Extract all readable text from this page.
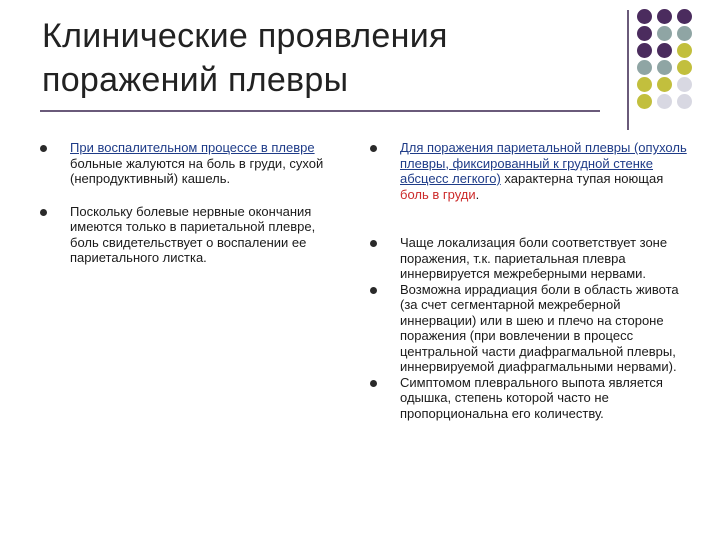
Клинические проявления
поражений плевры
При воспалительном процессе в плевре больные жалуются на боль в груди, сухой (непродуктивный) кашель.
Поскольку болевые нервные окончания имеются только в париетальной плевре, боль свидетельствует о воспалении ее париетального листка.
Для поражения париетальной плевры (опухоль плевры, фиксированный к грудной стенке абсцесс легкого) характерна тупая ноющая боль в груди.
Чаще локализация боли соответствует зоне поражения, т.к. париетальная плевра иннервируется межреберными нервами.
Возможна иррадиация боли в область живота (за счет сегментарной межреберной иннервации) или в шею и плечо на стороне поражения (при вовлечении в процесс центральной части диафрагмальной плевры, иннервируемой диафрагмальными нервами).
Симптомом плеврального выпота является одышка, степень которой часто не пропорциональна его количеству.
